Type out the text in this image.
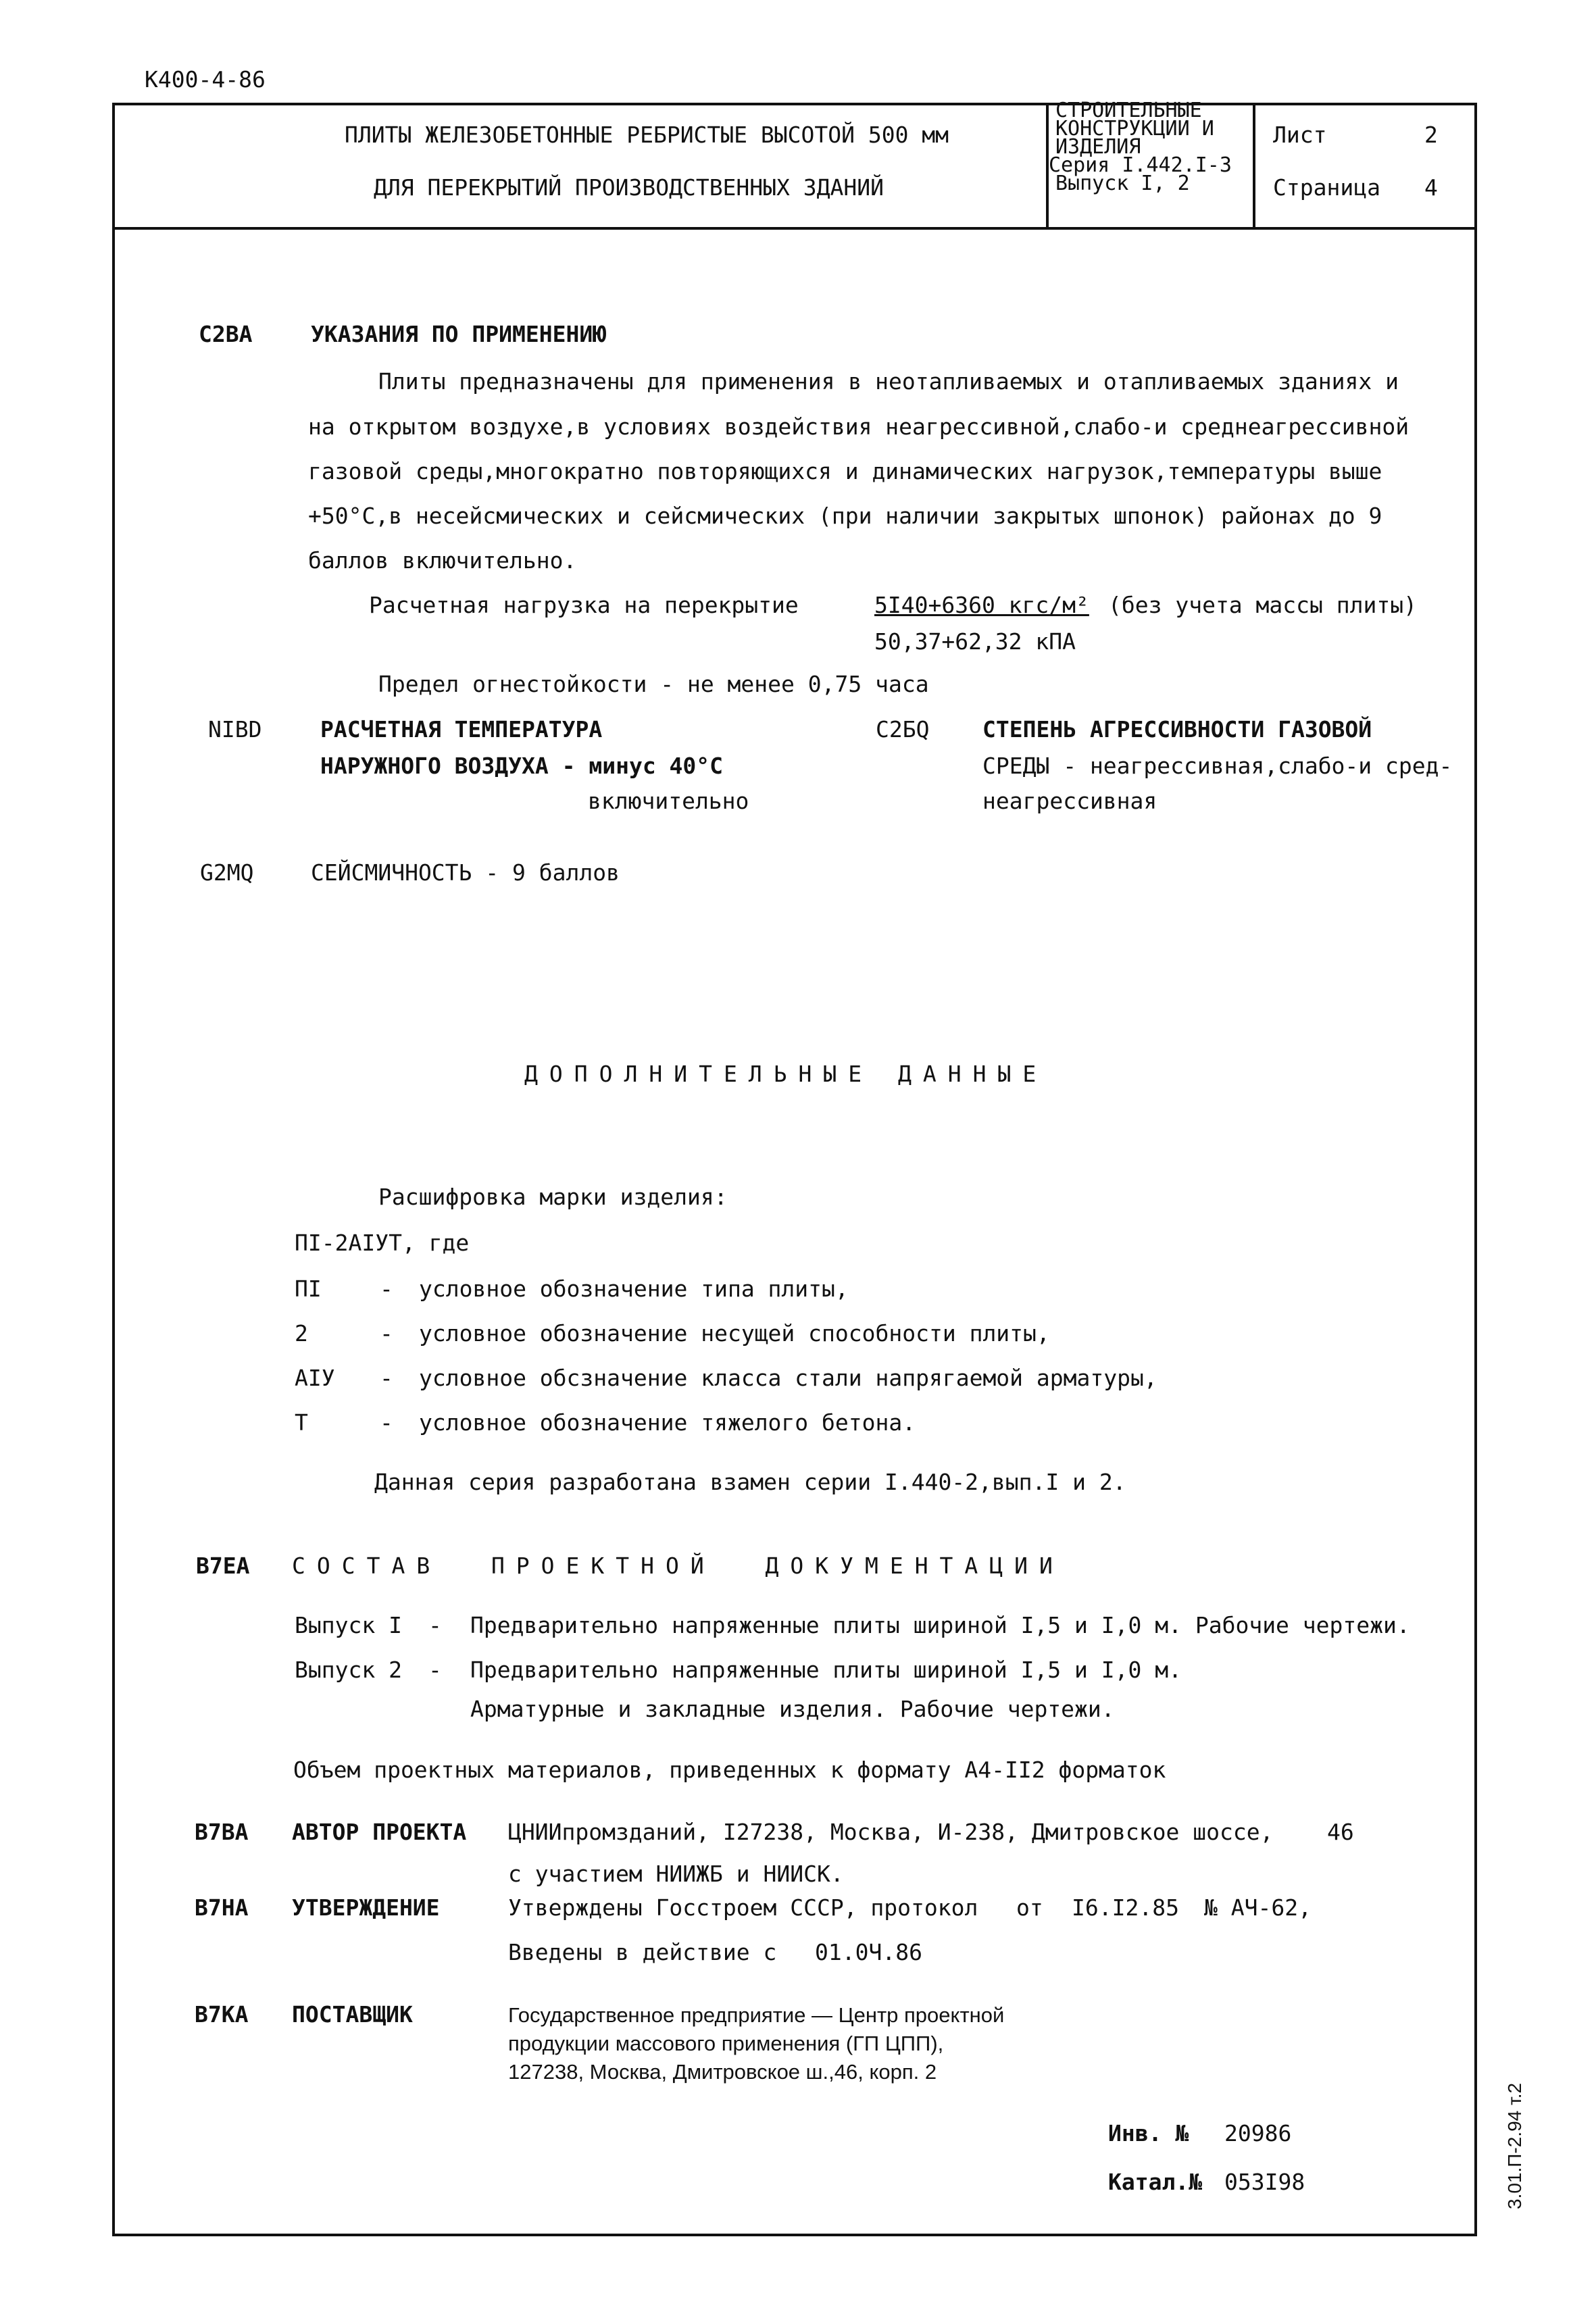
К400-4-86
ПЛИТЫ ЖЕЛЕЗОБЕТОННЫЕ РЕБРИСТЫЕ ВЫСОТОЙ 500 мм
ДЛЯ ПЕРЕКРЫТИЙ ПРОИЗВОДСТВЕННЫХ ЗДАНИЙ
СТРОИТЕЛЬНЫЕ
КОНСТРУКЦИИ И
ИЗДЕЛИЯ
Серия I.442.I-3
Выпуск I, 2
Лист	2
Страница 4
С2ВА	УКАЗАНИЯ ПО ПРИМЕНЕНИЮ
Плиты предназначены для применения в неотапливаемых и отапливаемых зданиях и
на открытом воздухе,в условиях воздействия неагрессивной,слабо-и среднеагрессивной
газовой среды,многократно повторяющихся и динамических нагрузок,температуры выше
+50°С,в несейсмических и сейсмических (при наличии закрытых шпонок) районах до 9
баллов включительно.
Расчетная нагрузка на перекрытие	5I40+6360 кгс/м² (без учета массы плиты)
50,37+62,32 кПА
Предел огнестойкости - не менее 0,75 часа
NIBD	РАСЧЕТНАЯ ТЕМПЕРАТУРА
НАРУЖНОГО ВОЗДУХА - минус 40°С
включительно
С2БQ СТЕПЕНЬ АГРЕССИВНОСТИ ГАЗОВОЙ
СРЕДЫ - неагрессивная,слабо-и сред-
неагрессивная
G2MQ	СЕЙСМИЧНОСТЬ - 9 баллов
ДОПОЛНИТЕЛЬНЫЕ ДАННЫЕ
Расшифровка марки изделия:
ПI-2АIУТ, где
ПI	- условное обозначение типа плиты,
2	- условное обозначение несущей способности плиты,
АIУ - условное обсзначение класса стали напрягаемой арматуры,
Т	- условное обозначение тяжелого бетона.
Данная серия разработана взамен серии I.440-2,вып.I и 2.
В7ЕА СОСТАВ  ПРОЕКТНОЙ  ДОКУМЕНТАЦИИ
Выпуск I - Предварительно напряженные плиты шириной I,5 и I,0 м. Рабочие чертежи.
Выпуск 2 - Предварительно напряженные плиты шириной I,5 и I,0 м.
Арматурные и закладные изделия. Рабочие чертежи.
Объем проектных материалов, приведенных к формату А4-II2 форматок
В7ВА АВТОР ПРОЕКТА ЦНИИпромзданий, I27238, Москва, И-238, Дмитровское шоссе, 46
с участием НИИЖБ и НИИСК.
В7НА УТВЕРЖДЕНИЕ	Утверждены Госстроем СССР, протокол от I6.I2.85 № АЧ-62,
Введены в действие с 01.0Ч.86
В7КА ПОСТАВЩИК	Государственное предприятие — Центр проектной
продукции массового применения (ГП ЦПП),
127238, Москва, Дмитровское ш.,46, корп. 2
Инв. № 20986
Катал.№ 053I98	3.01.П-2.94 т.2
